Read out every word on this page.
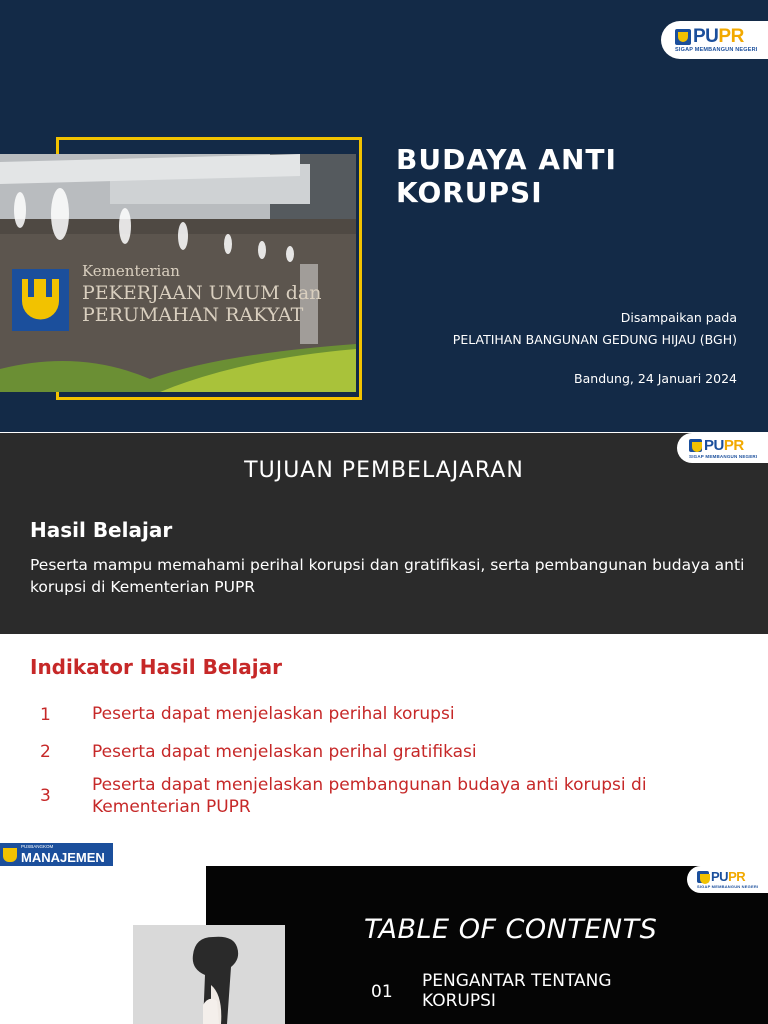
PUPR
SIGAP MEMBANGUN NEGERI
Kementerian
PEKERJAAN UMUM dan
PERUMAHAN RAKYAT
BUDAYA ANTI KORUPSI
Disampaikan pada
PELATIHAN BANGUNAN GEDUNG HIJAU (BGH)
Bandung, 24 Januari 2024
PUPR
SIGAP MEMBANGUN NEGERI
TUJUAN PEMBELAJARAN
Hasil Belajar
Peserta mampu memahami perihal korupsi dan gratifikasi, serta pembangunan budaya anti korupsi di Kementerian PUPR
Indikator Hasil Belajar
1 Peserta dapat menjelaskan perihal korupsi
2 Peserta dapat menjelaskan perihal gratifikasi
3
Peserta dapat menjelaskan pembangunan budaya anti korupsi di Kementerian PUPR
PUSBANGKOM
MANAJEMEN
PUPR
SIGAP MEMBANGUN NEGERI
TABLE OF CONTENTS
01
PENGANTAR TENTANG KORUPSI
